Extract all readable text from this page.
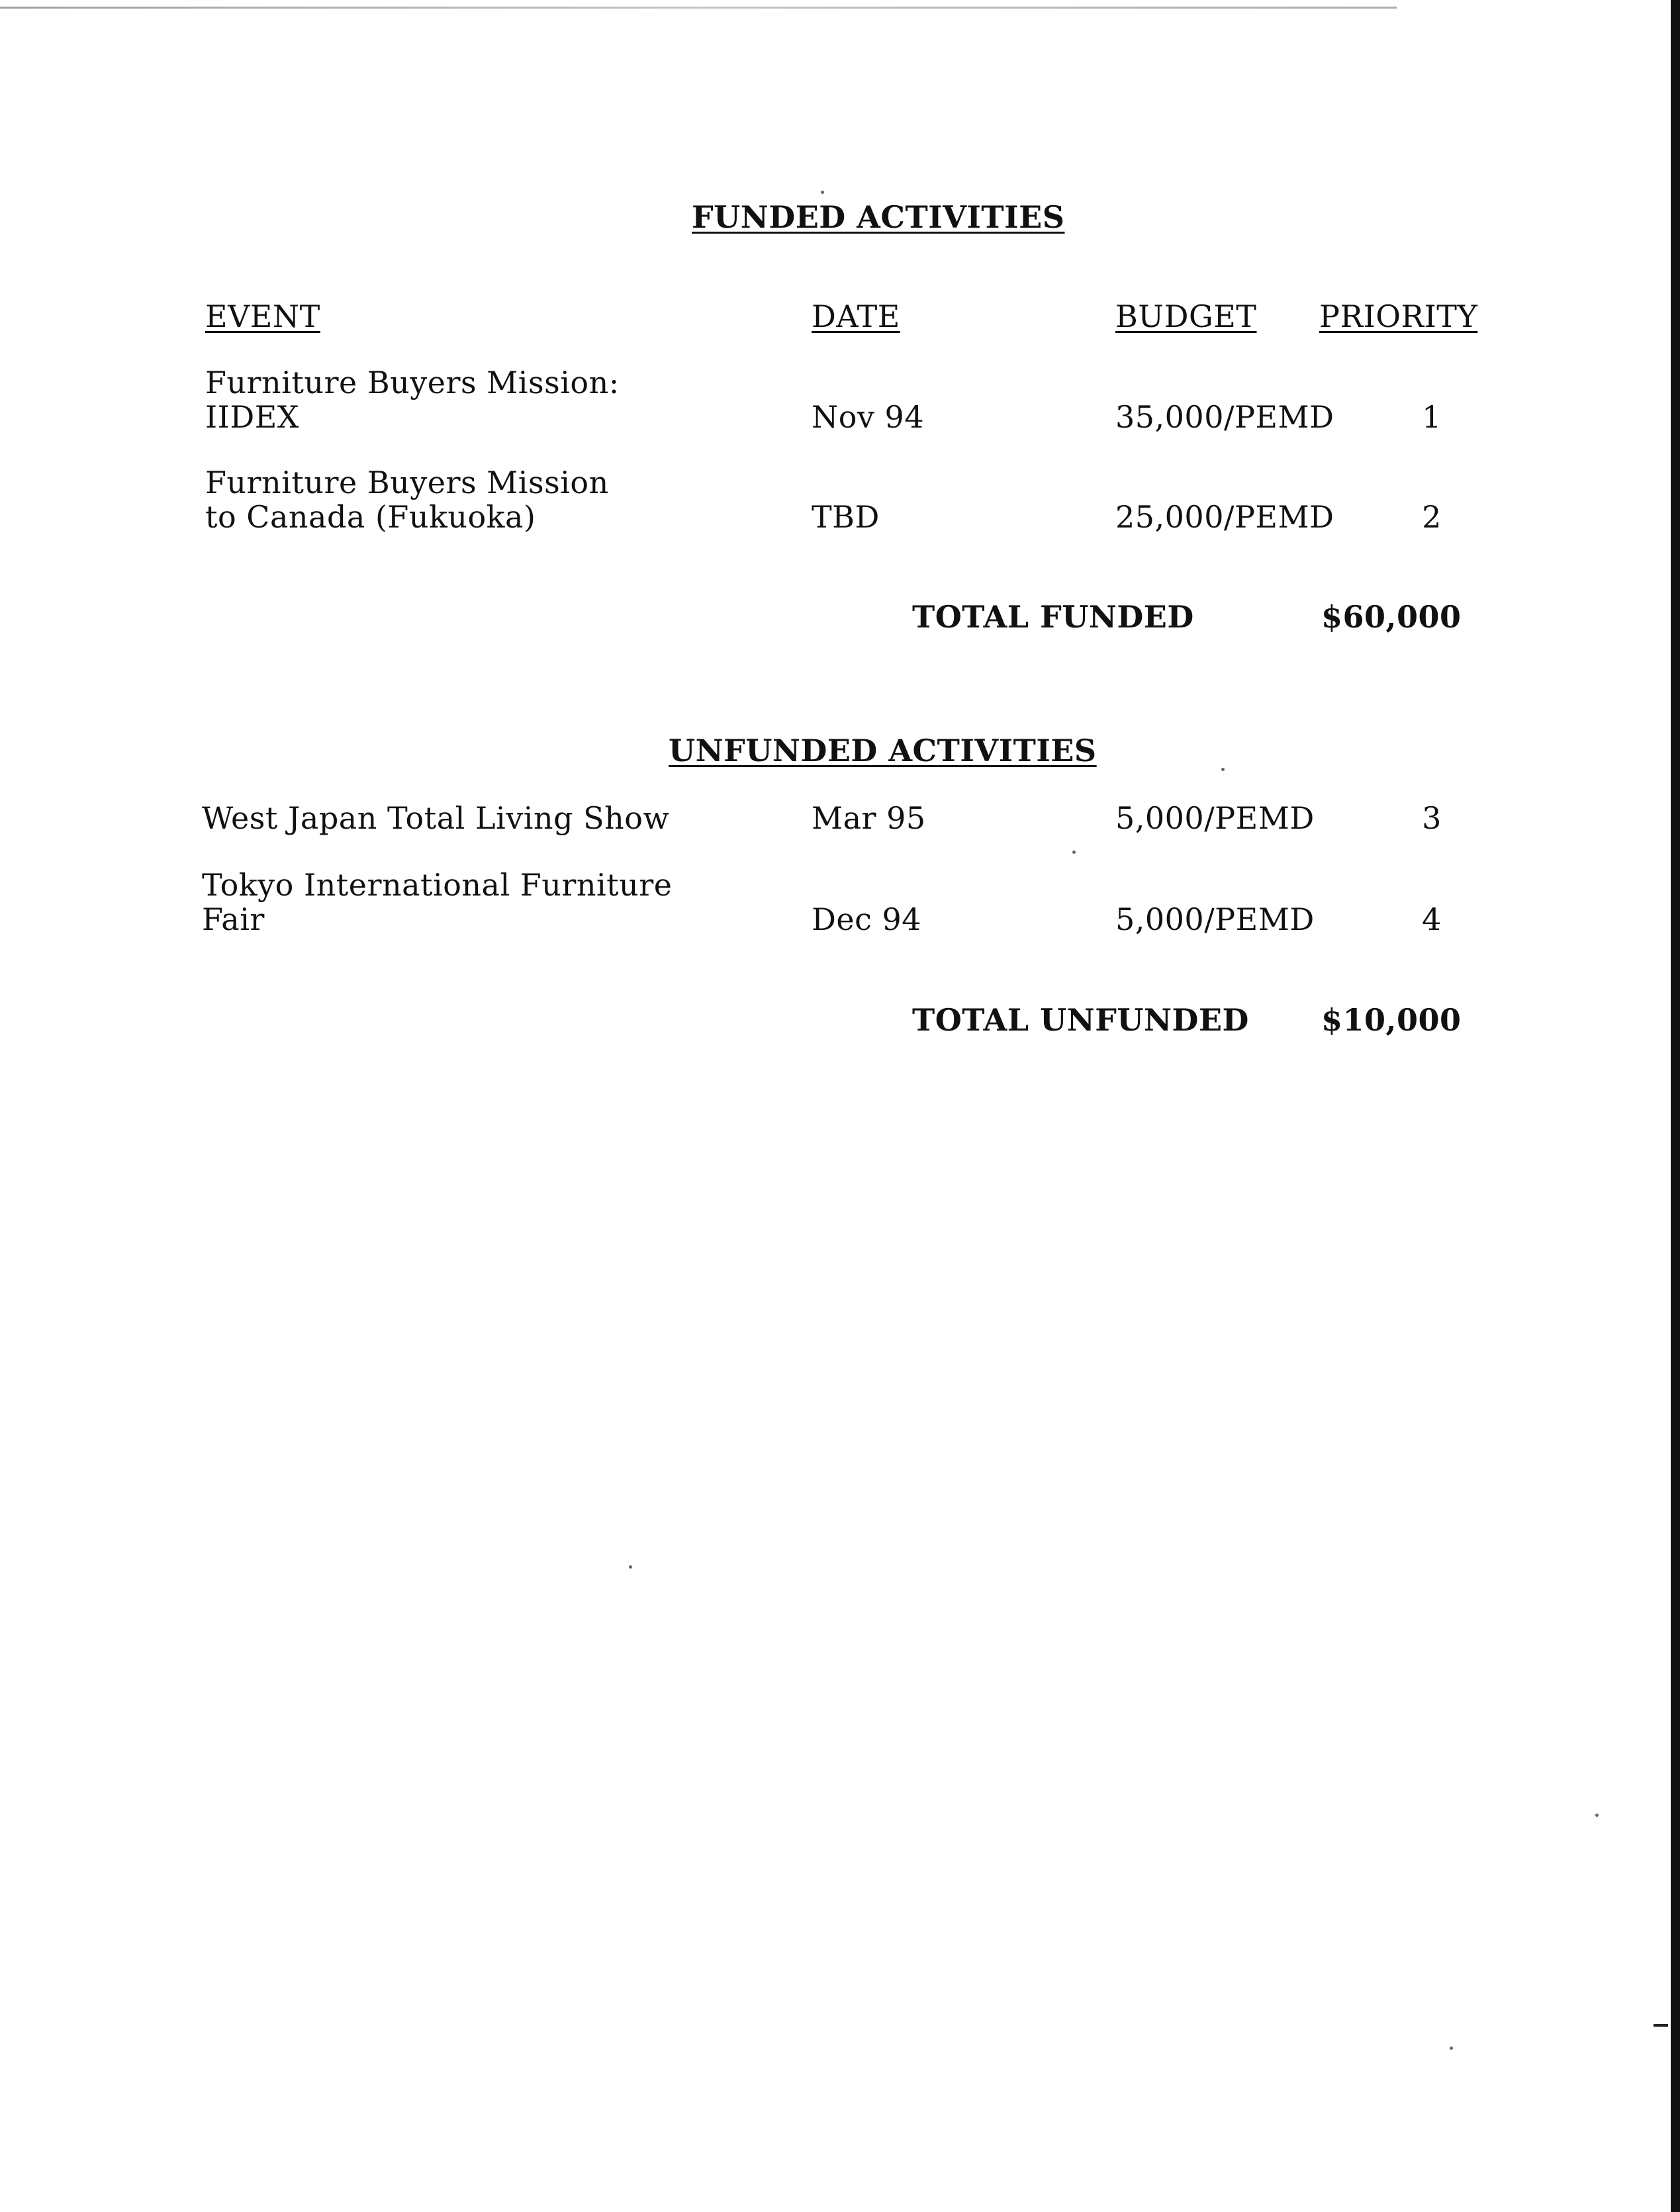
FUNDED ACTIVITIES
EVENT	DATE	BUDGET PRIORITY
Furniture Buyers Mission:
IIDEX	Nov 94	35,000/PEMD	1
Furniture Buyers Mission
to Canada (Fukuoka)	TBD	25,000/PEMD	2
TOTAL FUNDED	$60,000
UNFUNDED ACTIVITIES
West Japan Total Living Show	Mar 95	5,000/PEMD	3
Tokyo International Furniture
Fair	Dec 94	5,000/PEMD	4
TOTAL UNFUNDED $10,000
